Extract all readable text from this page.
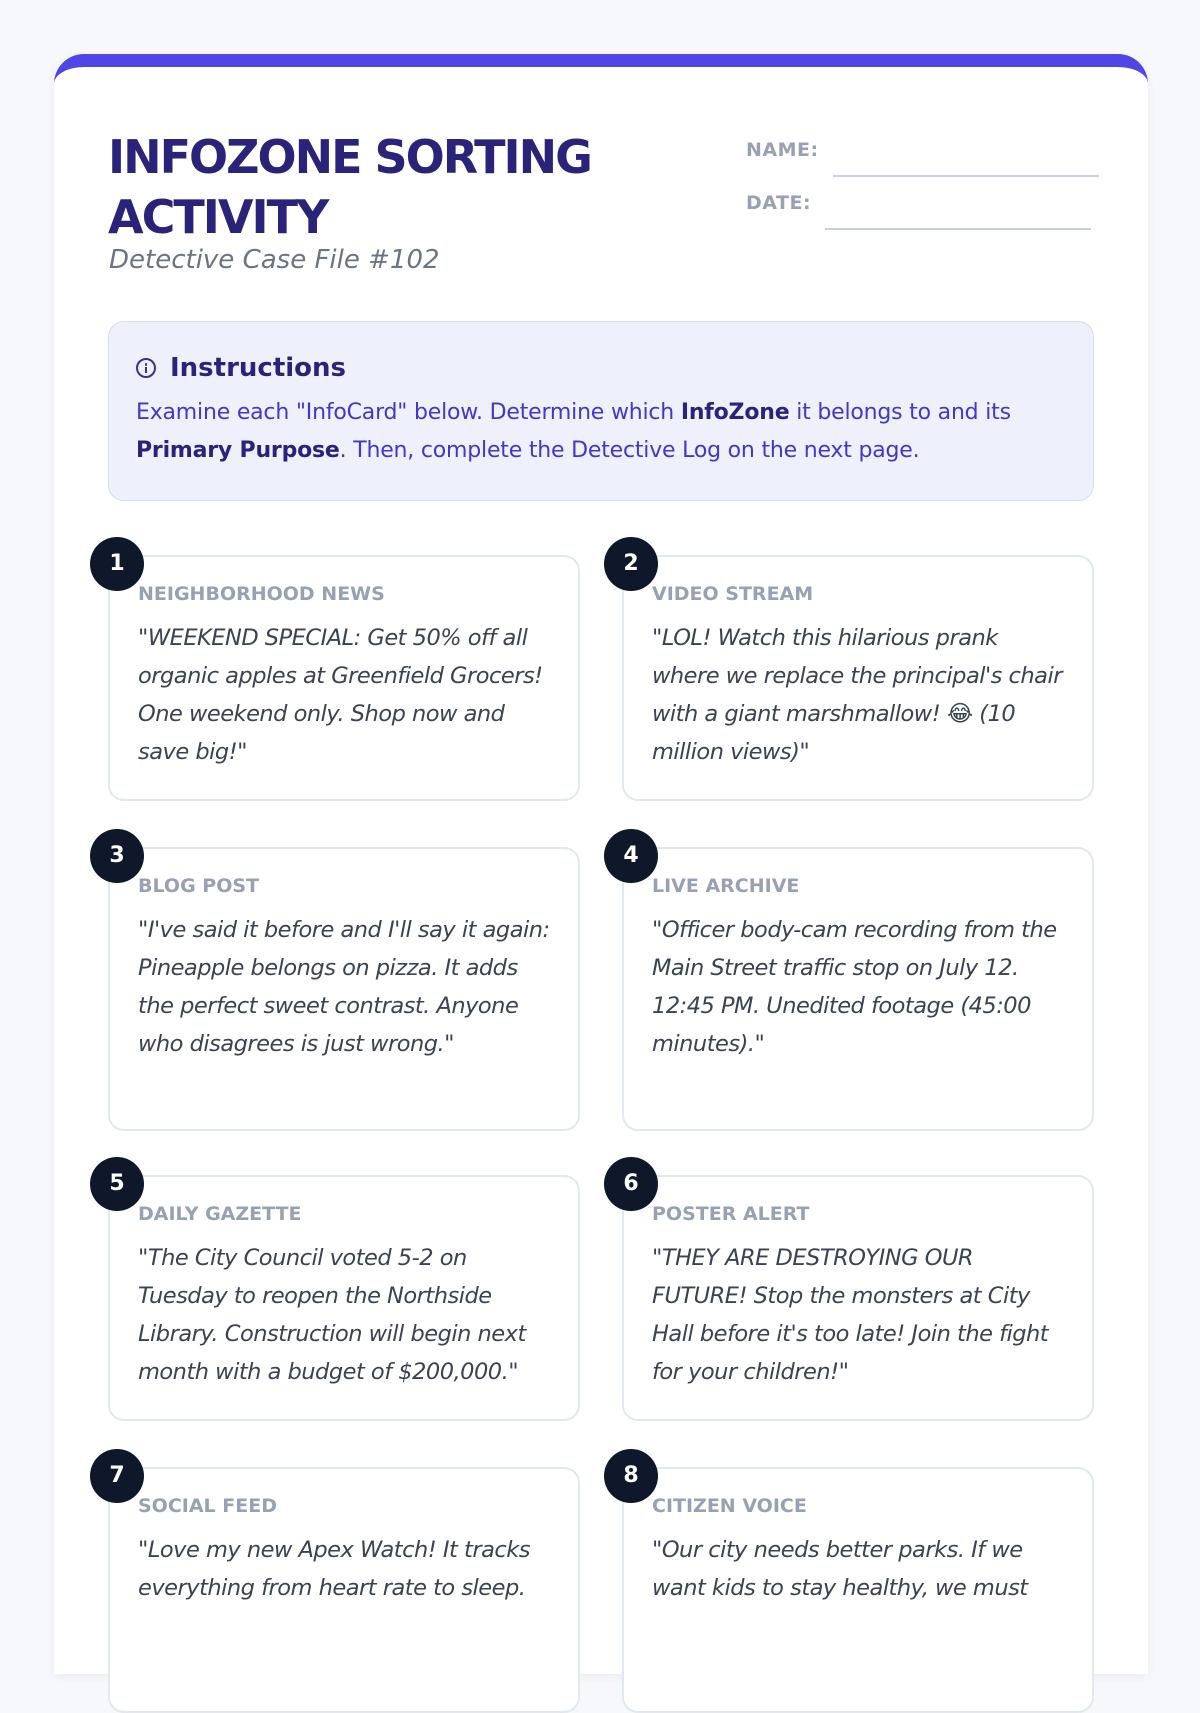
INFOZONE SORTING ACTIVITY
Detective Case File #102
NAME:
DATE:
Instructions

Examine each "InfoCard" below. Determine which InfoZone it belongs to and its Primary Purpose. Then, complete the Detective Log on the next page.

1

NEIGHBORHOOD NEWS

"WEEKEND SPECIAL: Get 50% off all organic apples at Greenfield Grocers! One weekend only. Shop now and save big!"

2

VIDEO STREAM

"LOL! Watch this hilarious prank where we replace the principal's chair with a giant marshmallow! 😂 (10 million views)"

3

BLOG POST

"I've said it before and I'll say it again: Pineapple belongs on pizza. It adds the perfect sweet contrast. Anyone who disagrees is just wrong."

4

LIVE ARCHIVE

"Officer body-cam recording from the Main Street traffic stop on July 12. 12:45 PM. Unedited footage (45:00 minutes)."

5

DAILY GAZETTE

"The City Council voted 5-2 on Tuesday to reopen the Northside Library. Construction will begin next month with a budget of $200,000."

6

POSTER ALERT

"THEY ARE DESTROYING OUR FUTURE! Stop the monsters at City Hall before it's too late! Join the fight for your children!"

7

SOCIAL FEED

"Love my new Apex Watch! It tracks everything from heart rate to sleep.

8

CITIZEN VOICE

"Our city needs better parks. If we want kids to stay healthy, we must
